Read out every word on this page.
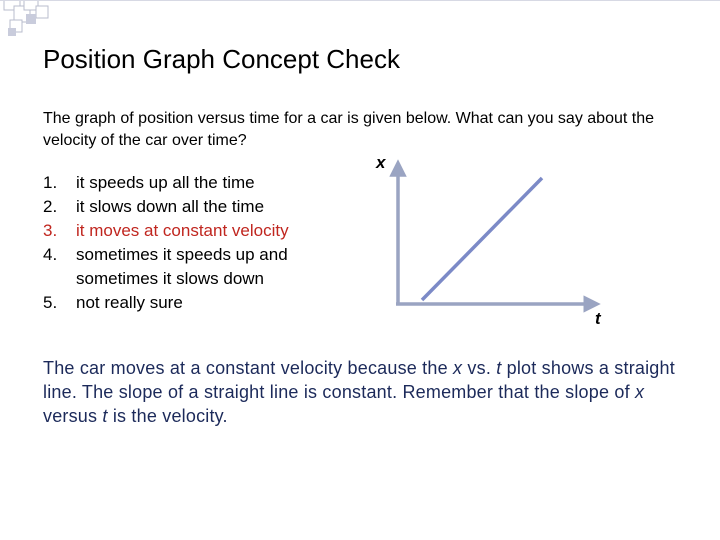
Position Graph Concept Check
The graph of position versus time for a car is given below. What can you say about the velocity of the car over time?
1.	it speeds up all the time
2.	it slows down all the time
3.	it moves at constant velocity
4.	sometimes it speeds up and sometimes it slows down
5.	not really sure
x
t
The car moves at a constant velocity because the x vs. t plot shows a straight line. The slope of a straight line is constant. Remember that the slope of x versus t is the velocity.
